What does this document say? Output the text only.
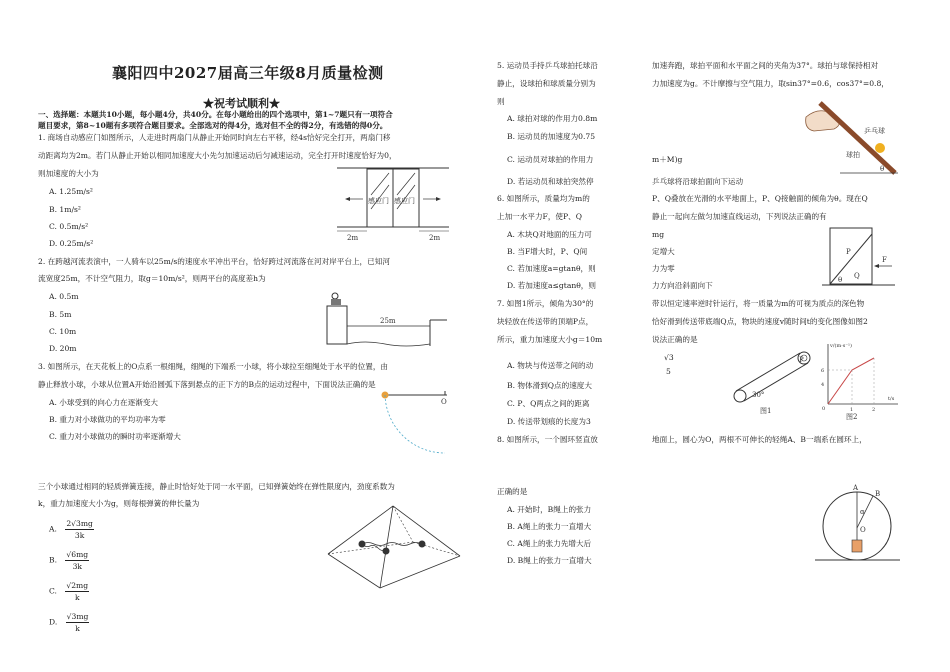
襄阳四中2027届高三年级8月质量检测
★祝考试顺利★
一、选择题：本题共10小题，每小题4分，共40分。在每小题给出的四个选项中，第1~7题只有一项符合
题目要求，第8~10题有多项符合题目要求。全部选对的得4分，选对但不全的得2分，有选错的得0分。
1. 商场自动感应门如图所示，人走进时两扇门从静止开始同时向左右平移，经4s恰好完全打开，两扇门移
动距离均为2m。若门从静止开始以相同加速度大小先匀加速运动后匀减速运动，完全打开时速度恰好为0，
则加速度的大小为
A. 1.25m/s²
B. 1m/s²
C. 0.5m/s²
D. 0.25m/s²
感应门 感应门
2m	2m
2. 在跨越河流表演中，一人骑车以25m/s的速度水平冲出平台，恰好跨过河流落在河对岸平台上，已知河
流宽度25m，不计空气阻力，取g＝10m/s²，则两平台的高度差h为
A. 0.5m
B. 5m
C. 10m
D. 20m
25m
3. 如图所示，在天花板上的O点系一根细绳，细绳的下端系一小球，将小球拉至细绳处于水平的位置，由
静止释放小球，小球从位置A开始沿圆弧下落到悬点的正下方的B点的运动过程中，下面说法正确的是
A. 小球受到的向心力在逐渐变大
B. 重力对小球做功的平均功率为零
C. 重力对小球做功的瞬时功率逐渐增大
O
三个小球通过相同的轻质弹簧连接，静止时恰好处于同一水平面，已知弹簧始终在弹性限度内，劲度系数为
k，重力加速度大小为g，则每根弹簧的伸长量为
A. $\frac{2√3mg}{3k}$
B. $\frac{√6mg}{3k}$
C. $\frac{√2mg}{k}$
D. $\frac{√3mg}{k}$
5. 运动员手持乒乓球拍托球沿
静止，设球拍和球质量分别为
则
A. 球拍对球的作用力0.8m
B. 运动员的加速度为0.75
C. 运动员对球拍的作用力
D. 若运动员和球拍突然停
6. 如图所示，质量均为m的
上加一水平力F，使P、Q
A. 木块Q对地面的压力可
B. 当F增大时，P、Q间
C. 若加速度a=gtanθ，则
D. 若加速度a≤gtanθ，则
7. 如图1所示，倾角为30°的
块轻放在传送带的顶端P点，
所示，重力加速度大小g＝10m
A. 物块与传送带之间的动
B. 物体滑到Q点的速度大
C. P、Q两点之间的距离
D. 传送带划痕的长度为3
8. 如图所示，一个圆环竖直放
正确的是
A. 开始时，B绳上的张力
B. A绳上的张力一直增大
C. A绳上的张力先增大后
D. B绳上的张力一直增大
加速奔跑，球拍平面和水平面之间的夹角为37°。球拍与球保持相对
力加速度为g。不计摩擦与空气阻力，取sin37°=0.6，cos37°=0.8，
m＋M)g
乒乓球将沿球拍面向下运动
P、Q叠放在光滑的水平地面上，P、Q接触面的倾角为θ。现在Q
静止一起向左做匀加速直线运动，下列说法正确的有
mg
定增大
力为零
力方向沿斜面向下
带以恒定速率逆时针运行，将一质量为m的可视为质点的深色物
恰好滑到传送带底端Q点，物块的速度v随时间t的变化图像如图2
说法正确的是
√3
5
地面上，圆心为O，两根不可伸长的轻绳A、B一端系在圆环上，
乒乓球
球拍
θ
P
Q
F
θ
P
30°
图1
v/(m·s⁻¹)
t/s
6
4
0	1	2
图2
A
B
O
α
